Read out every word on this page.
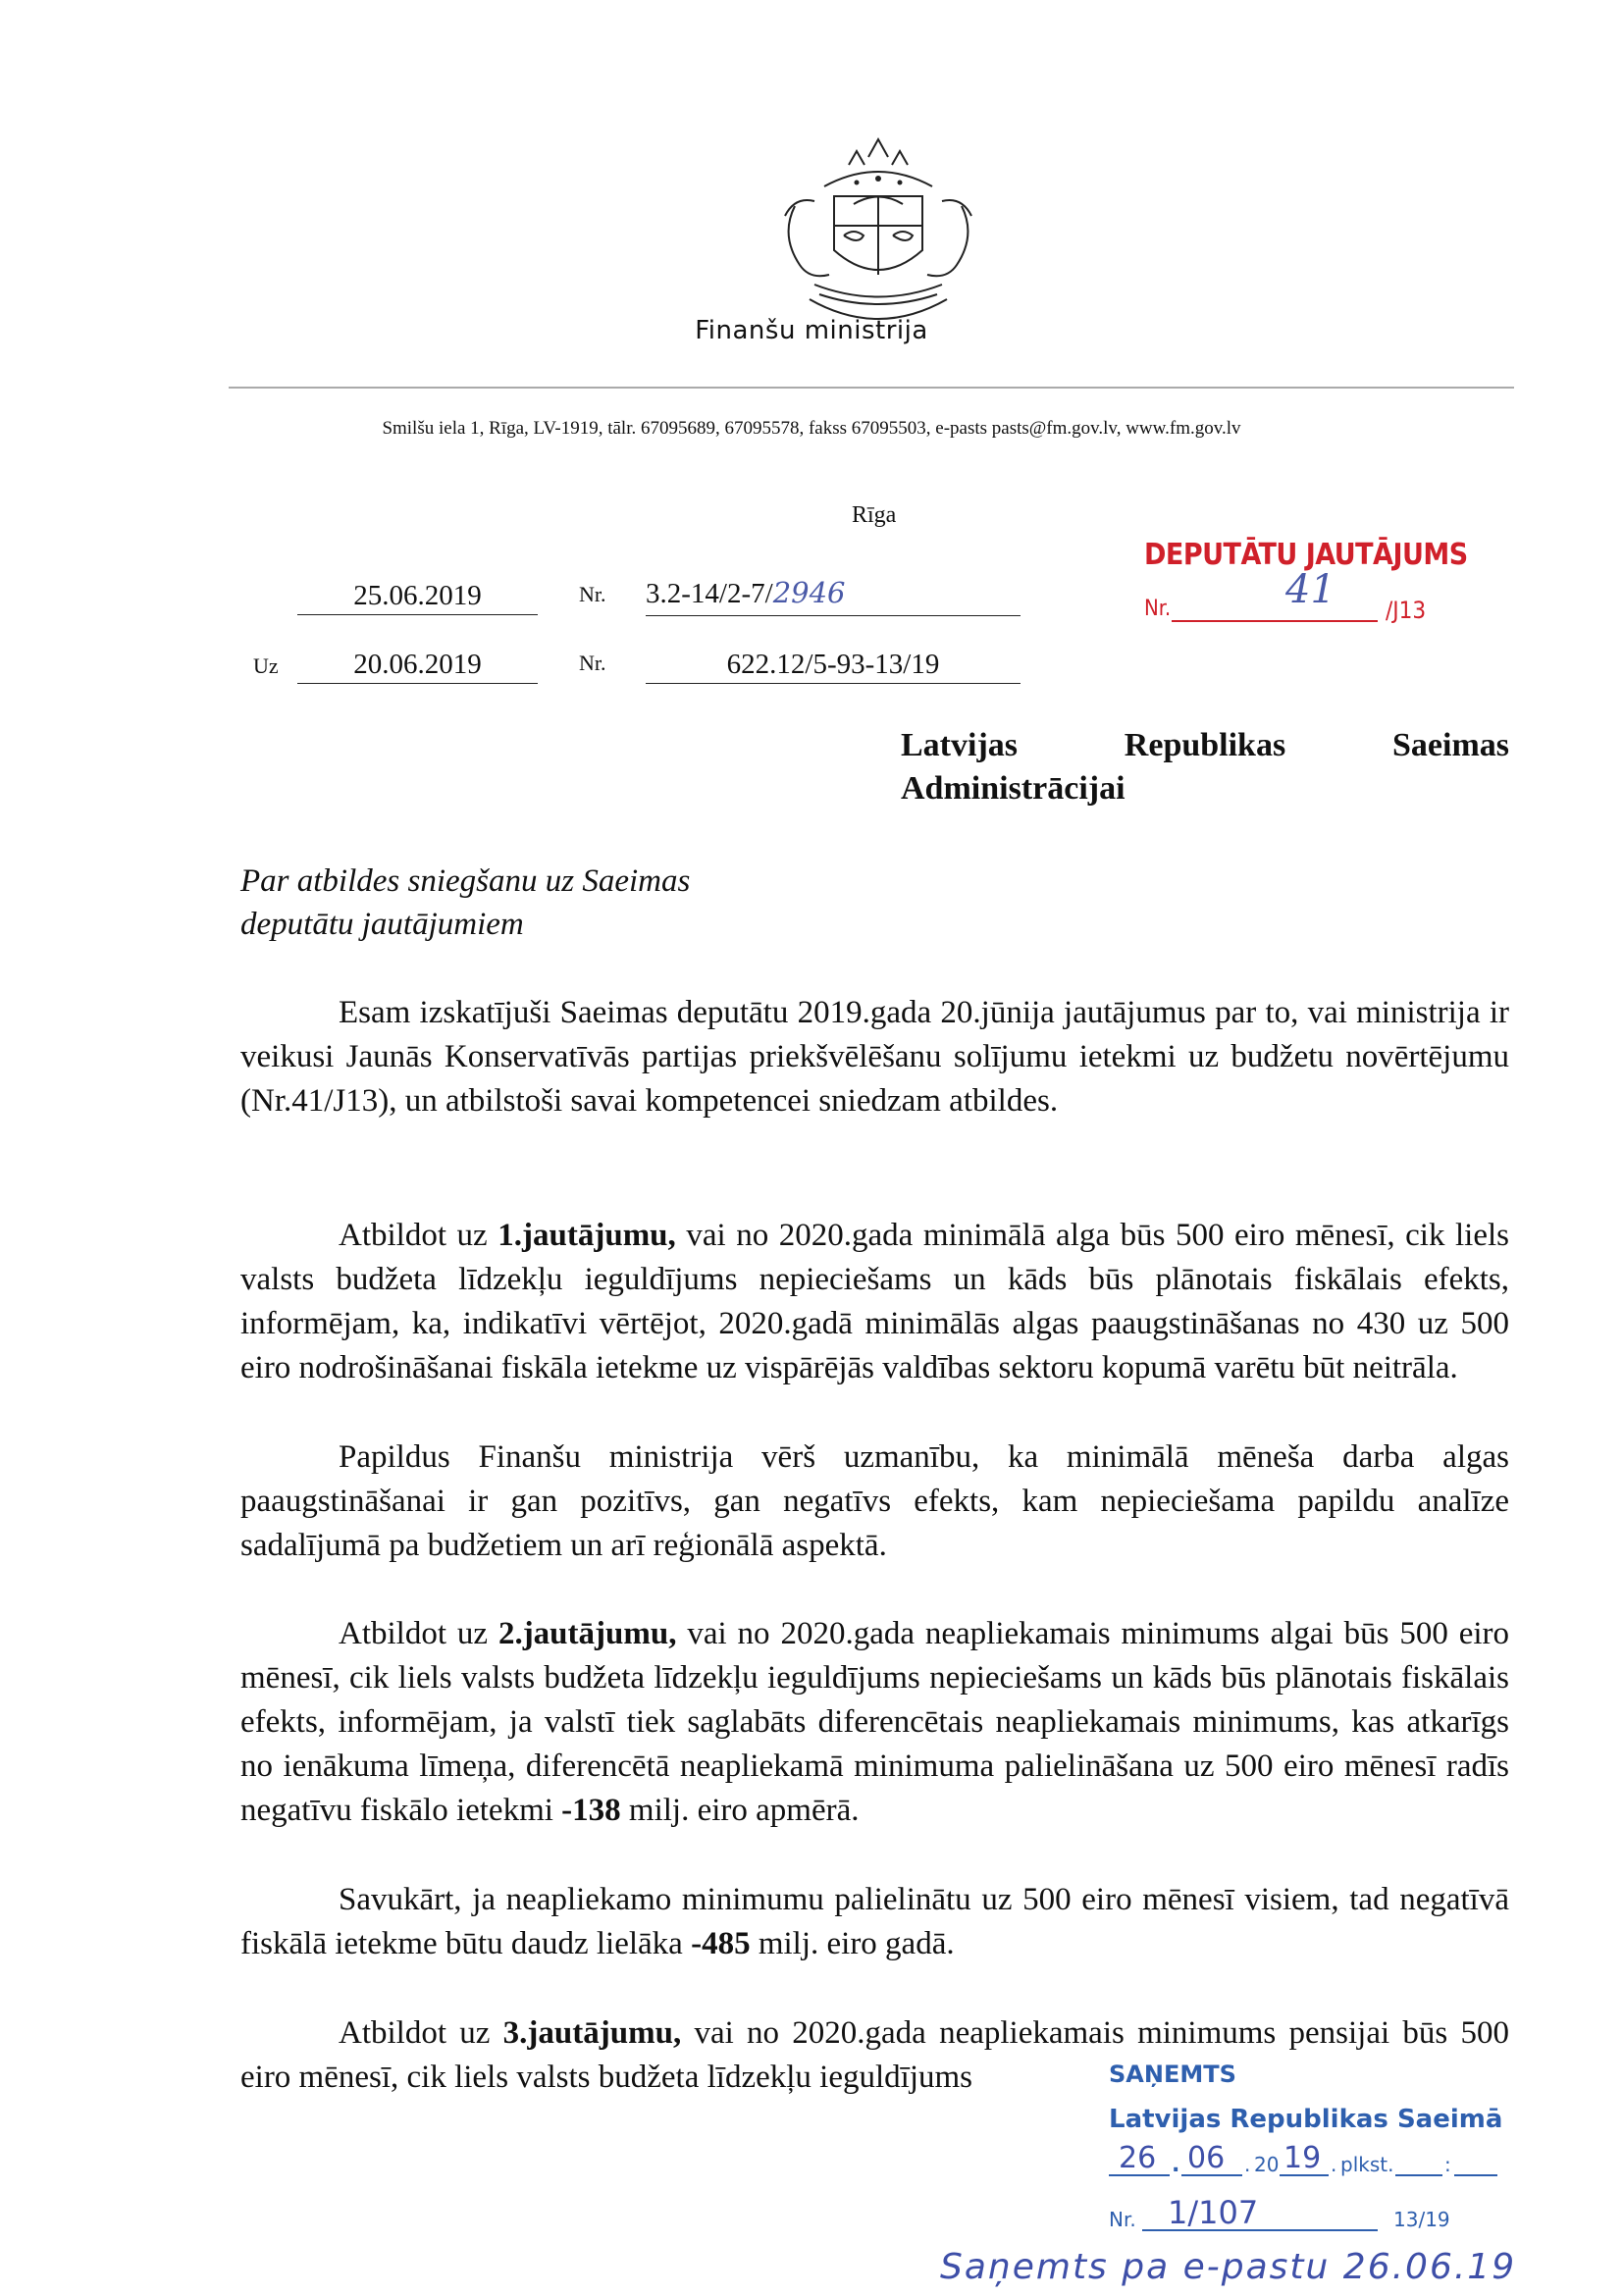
Finanšu ministrija
Smilšu iela 1, Rīga, LV-1919, tālr. 67095689, 67095578, fakss 67095503, e-pasts pasts@fm.gov.lv, www.fm.gov.lv
Rīga
25.06.2019	Nr. 3.2-14/2-7/2946
Uz	20.06.2019	Nr.	622.12/5-93-13/19
DEPUTĀTU JAUTĀJUMS
Nr.	41 /J13
Latvijas	Republikas	Saeimas
Administrācijai
Par atbildes sniegšanu uz Saeimas
deputātu jautājumiem
Esam izskatījuši Saeimas deputātu 2019.gada 20.jūnija jautājumus par to, vai ministrija ir veikusi Jaunās Konservatīvās partijas priekšvēlēšanu solījumu ietekmi uz budžetu novērtējumu (Nr.41/J13), un atbilstoši savai kompetencei sniedzam atbildes.
Atbildot uz 1.jautājumu, vai no 2020.gada minimālā alga būs 500 eiro mēnesī, cik liels valsts budžeta līdzekļu ieguldījums nepieciešams un kāds būs plānotais fiskālais efekts, informējam, ka, indikatīvi vērtējot, 2020.gadā minimālās algas paaugstināšanas no 430 uz 500 eiro nodrošināšanai fiskāla ietekme uz vispārējās valdības sektoru kopumā varētu būt neitrāla.
Papildus Finanšu ministrija vērš uzmanību, ka minimālā mēneša darba algas paaugstināšanai ir gan pozitīvs, gan negatīvs efekts, kam nepieciešama papildu analīze sadalījumā pa budžetiem un arī reģionālā aspektā.
Atbildot uz 2.jautājumu, vai no 2020.gada neapliekamais minimums algai būs 500 eiro mēnesī, cik liels valsts budžeta līdzekļu ieguldījums nepieciešams un kāds būs plānotais fiskālais efekts, informējam, ja valstī tiek saglabāts diferencētais neapliekamais minimums, kas atkarīgs no ienākuma līmeņa, diferencētā neapliekamā minimuma palielināšana uz 500 eiro mēnesī radīs negatīvu fiskālo ietekmi -138 milj. eiro apmērā.
Savukārt, ja neapliekamo minimumu palielinātu uz 500 eiro mēnesī visiem, tad negatīvā fiskālā ietekme būtu daudz lielāka -485 milj. eiro gadā.
Atbildot uz 3.jautājumu, vai no 2020.gada neapliekamais minimums pensijai būs 500 eiro mēnesī, cik liels valsts budžeta līdzekļu ieguldījums	SAŅEMTS
Latvijas Republikas Saeimā
26 . 06 . 20 19 . plkst.	:
Nr. 1/107	13/19
Saņemts pa e-pastu 26.06.19
